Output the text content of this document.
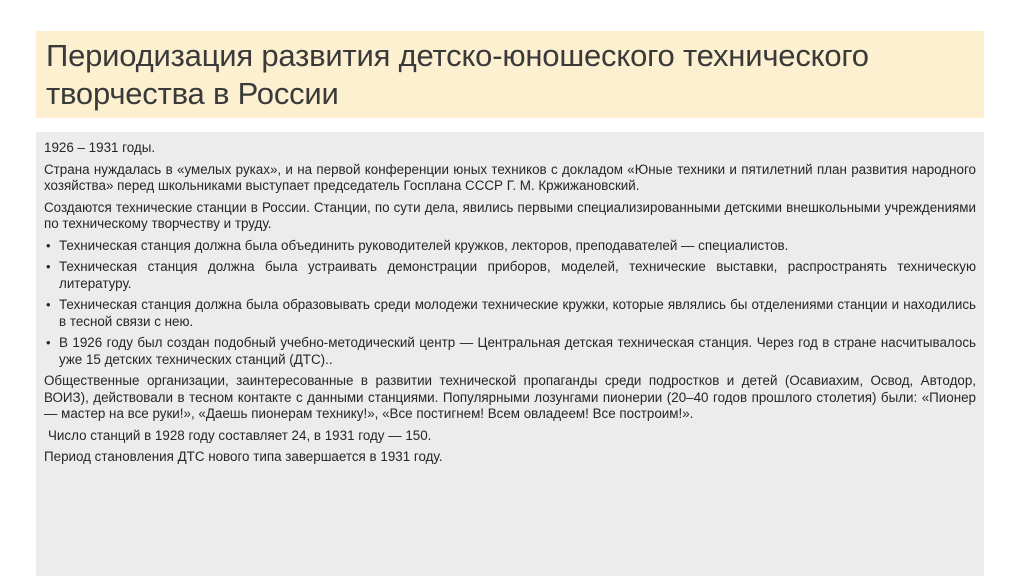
Периодизация развития детско-юношеского технического творчества в России

1926 – 1931 годы.

Страна нуждалась в «умелых руках», и на первой конференции юных техников с докладом «Юные техники и пятилетний план развития народного хозяйства» перед школьниками выступает председатель Госплана СССР Г. М. Кржижановский.

Создаются технические станции в России. Станции, по сути дела, явились первыми специализированными детскими внешкольными учреждениями по техническому творчеству и труду.

• Техническая станция должна была объединить руководителей кружков, лекторов, преподавателей — специалистов.
• Техническая станция должна была устраивать демонстрации приборов, моделей, технические выставки, распространять техническую литературу.
• Техническая станция должна была образовывать среди молодежи технические кружки, которые являлись бы отделениями станции и находились в тесной связи с нею.
• В 1926 году был создан подобный учебно-методический центр — Центральная детская техническая станция. Через год в стране насчитывалось уже 15 детских технических станций (ДТС)..

Общественные организации, заинтересованные в развитии технической пропаганды среди подростков и детей (Осавиахим, Освод, Автодор, ВОИЗ), действовали в тесном контакте с данными станциями. Популярными лозунгами пионерии (20–40 годов прошлого столетия) были: «Пионер — мастер на все руки!», «Даешь пионерам технику!», «Все постигнем! Всем овладеем! Все построим!».

Число станций в 1928 году составляет 24, в 1931 году — 150.

Период становления ДТС нового типа завершается в 1931 году.
